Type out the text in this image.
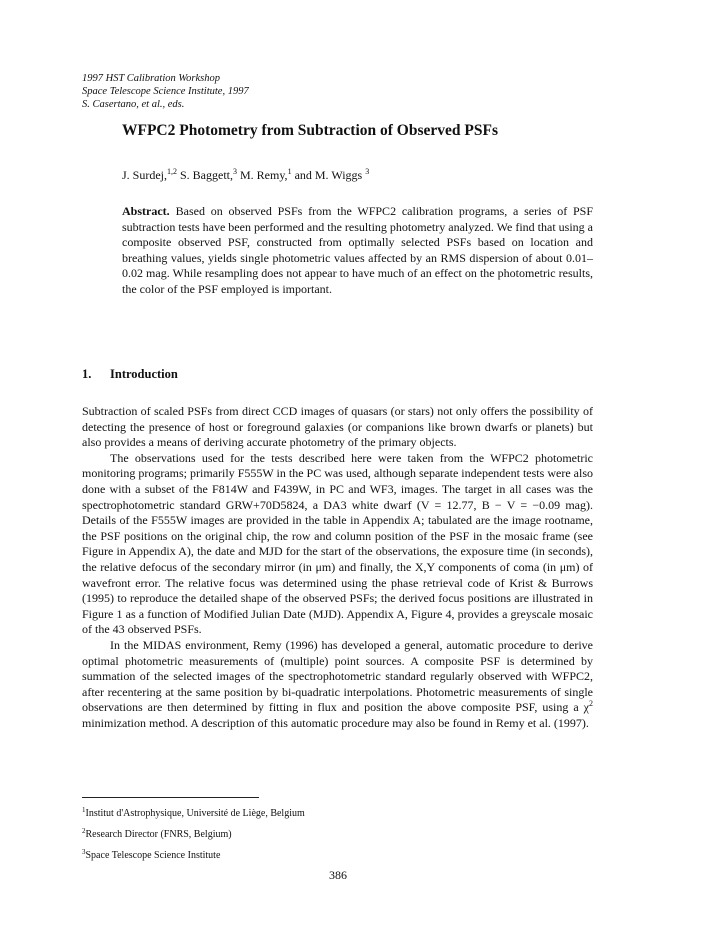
1997 HST Calibration Workshop
Space Telescope Science Institute, 1997
S. Casertano, et al., eds.
WFPC2 Photometry from Subtraction of Observed PSFs
J. Surdej,$^{1,2}$ S. Baggett,$^3$ M. Remy,$^1$ and M. Wiggs $^3$
Abstract. Based on observed PSFs from the WFPC2 calibration programs, a series of PSF subtraction tests have been performed and the resulting photometry analyzed. We find that using a composite observed PSF, constructed from optimally selected PSFs based on location and breathing values, yields single photometric values affected by an RMS dispersion of about 0.01–0.02 mag. While resampling does not appear to have much of an effect on the photometric results, the color of the PSF employed is important.
1. Introduction

Subtraction of scaled PSFs from direct CCD images of quasars (or stars) not only offers the possibility of detecting the presence of host or foreground galaxies (or companions like brown dwarfs or planets) but also provides a means of deriving accurate photometry of the primary objects.

The observations used for the tests described here were taken from the WFPC2 photometric monitoring programs; primarily F555W in the PC was used, although separate independent tests were also done with a subset of the F814W and F439W, in PC and WF3, images. The target in all cases was the spectrophotometric standard GRW+70D5824, a DA3 white dwarf (V = 12.77, B − V = −0.09 mag). Details of the F555W images are provided in the table in Appendix A; tabulated are the image rootname, the PSF positions on the original chip, the row and column position of the PSF in the mosaic frame (see Figure in Appendix A), the date and MJD for the start of the observations, the exposure time (in seconds), the relative defocus of the secondary mirror (in μm) and finally, the X,Y components of coma (in μm) of wavefront error. The relative focus was determined using the phase retrieval code of Krist & Burrows (1995) to reproduce the detailed shape of the observed PSFs; the derived focus positions are illustrated in Figure 1 as a function of Modified Julian Date (MJD). Appendix A, Figure 4, provides a greyscale mosaic of the 43 observed PSFs.

In the MIDAS environment, Remy (1996) has developed a general, automatic procedure to derive optimal photometric measurements of (multiple) point sources. A composite PSF is determined by summation of the selected images of the spectrophotometric standard regularly observed with WFPC2, after recentering at the same position by bi-quadratic interpolations. Photometric measurements of single observations are then determined by fitting in flux and position the above composite PSF, using a $\chi^2$ minimization method. A description of this automatic procedure may also be found in Remy et al. (1997).

$^1$Institut d'Astrophysique, Université de Liège, Belgium
$^2$Research Director (FNRS, Belgium)
$^3$Space Telescope Science Institute
386
